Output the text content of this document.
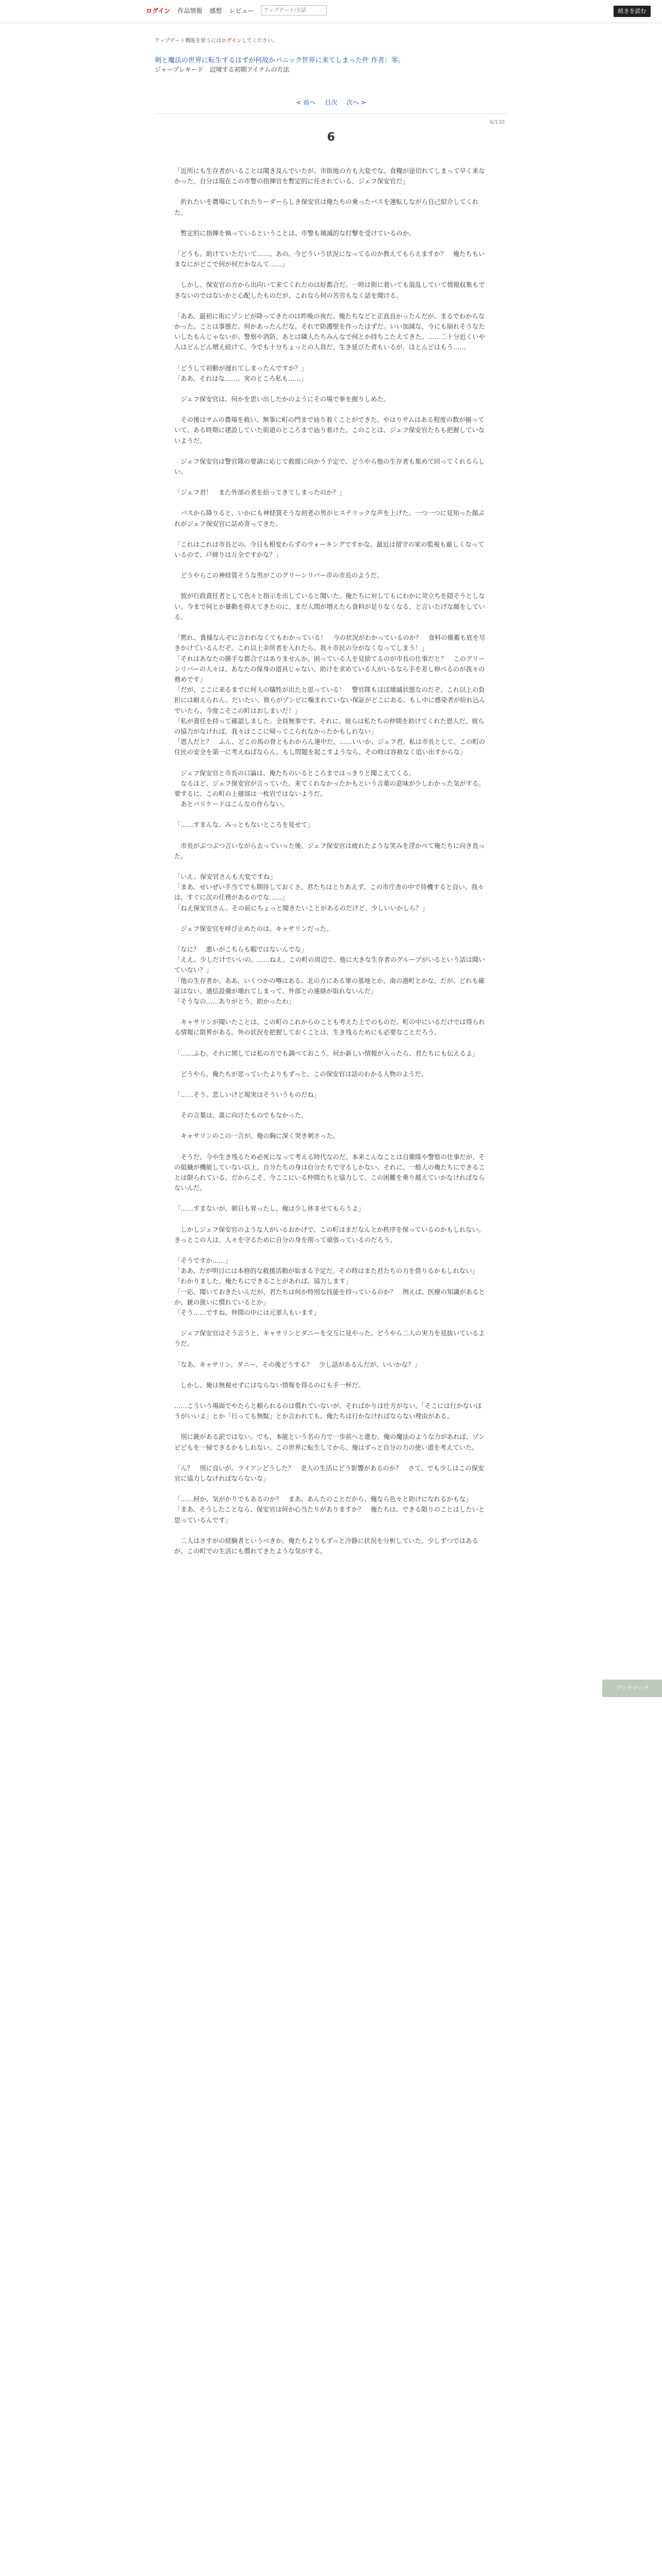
ログイン 作品情報 感想 レビュー
アップデート/全話	続きを読む
アップデート機能を使うにはログインしてください。
剣と魔法の世界に転生するはずが何故かパニック世界に来てしまった件 作者：零。
ジャーブレキード　辺境する初期アイテムの方法
< 前へ 目次 次へ >
6/130
6

「近所にも生存者がいることは聞き及んでいたが、市街地の方も大変でな。食糧が途切れてしまって早く来なかった。自分は現在この市警の指揮官を暫定的に任されている、ジェフ保安官だ」

　折れたいを農場にしてれたりーダーらしき保安官は俺たちの乗ったバスを運転しながら自己紹介してくれた。

　暫定的に指揮を執っているということは、市警も壊滅的な打撃を受けているのか。

「どうも。助けていただいて……。あの、今どういう状況になってるのか教えてもらえますか？　俺たちもいまなにがどこで何が何だかなんて……」

　しかし、保安官の方から出向いて来てくれたのは好都合だ。一時は街に着いても混乱していて情報収集もできないのではないかと心配したものだが、これなら何の苦労もなく話を聞ける。

「ああ、最初に街にゾンビが降ってきたのは昨晩の夜だ。俺たちなどと正直良かったんだが、まるでわからなかった。ことは事態だ。何かあったんだな。それで防護壁を作ったはずだ。いい加減な、今にも崩れそうなたいしたもんじゃないが。警察や消防、あとは隣人たちみんなで何とか持ちこたえてきた。……二十分近くいや人はどんどん増え続けて、今でも十分ちょっとの人員だ。生き延びた者もいるが、ほとんどはもう……

「どうして初動が遅れてしまったんですか？」

「ああ、それはな……。実のところ私も……」

　ジェフ保安官は、何かを思い出したかのようにその場で拳を握りしめた。

　その後はサムの農場を救い、無事に町の門まで辿り着くことができた。やはりサムはある程度の数が揃っていて、ある時期に建設していた街道のところまで辿り着けた。このことは、ジェフ保安官たちも把握していないようだ。

　ジェフ保安官は警官隊の要請に応じて救援に向かう予定で、どうやら他の生存者も集めて回ってくれるらしい。

「ジェフ君！　また外部の者を拾ってきてしまったのか？」

　バスから降りると、いかにも神経質そうな初老の男がヒステリックな声を上げた。一つ一つに見知った顔ぶれがジェフ保安官に詰め寄ってきた。

「これはこれは市長どの。今日も相変わらずのウォーキングですかな。最近は留守の家の監視も厳しくなっているので、戸締りは万全ですかな？」

　どうやらこの神経質そうな男がこのグリーンリバー市の市長のようだ。

　彼が行政責任者として色々と指示を出していると聞いた。俺たちに対してもにわかに苛立ちを隠そうとしない。今まで何とか暴動を抑えてきたのに、まだ人間が増えたら食料が足りなくなる、と言いたげな顔をしている。

「黙れ、貴様なんぞに言われなくてもわかっている！　今の状況がわかっているのか？　食料の備蓄も底を尽きかけているんだぞ。これ以上余所者を入れたら、我々市民の分がなくなってしまう！」

「それはあなたの勝手な都合ではありませんか。困っている人を見捨てるのが市長の仕事だと？　このグリーンリバーの人々は、あなたの保身の道具じゃない。助けを求めている人がいるなら手を差し伸べるのが我々の務めです」

「だが、ここに来るまでに何人の犠牲が出たと思っている！　警官隊もほぼ壊滅状態なのだぞ。これ以上の負担には耐えられん。だいたい、彼らがゾンビに噛まれていない保証がどこにある。もし中に感染者が紛れ込んでいたら、今度こそこの町はおしまいだ！」

「私が責任を持って確認しました。全員無事です。それに、彼らは私たちの仲間を助けてくれた恩人だ。彼らの協力がなければ、我々はここに帰ってこられなかったかもしれない」

「恩人だと？　ふん、どこの馬の骨ともわからん連中だ。……いいか、ジェフ君。私は市長として、この町の住民の安全を第一に考えねばならん。もし問題を起こすようなら、その時は容赦なく追い出すからな」

　ジェフ保安官と市長の口論は、俺たちのいるところまではっきりと聞こえてくる。

　なるほど、ジェフ保安官が言っていた、来てくれなかったかもという言葉の意味が少しわかった気がする。要するに、この町の上層部は一枚岩ではないようだ。

　あとバリケードはこんなの作らない。

「……すまんな、みっともないところを見せて」

　市長がぶつぶつ言いながら去っていった後、ジェフ保安官は疲れたような笑みを浮かべて俺たちに向き直った。

「いえ、保安官さんも大変ですね」

「まあ、せいぜい手当てでも期待しておくさ。君たちはとりあえず、この市庁舎の中で待機すると良い。我々は、すぐに次の任務があるのでな……」

「ねえ保安官さん。その前にちょっと聞きたいことがあるのだけど、少しいいかしら？」

　ジェフ保安官を呼び止めたのは、キャサリンだった。

「なに？　悪いがこちらも暇ではないんでな」

「ええ、少しだけでいいの。……ねえ、この町の周辺で、他に大きな生存者のグループがいるという話は聞いていない？」

「他の生存者か。ああ、いくつかの噂はある。北の方にある軍の基地とか、南の港町とかな。だが、どれも確証はない。通信設備が壊れてしまって、外部との連絡が取れないんだ」

「そうなの……ありがとう、助かったわ」

　キャサリンが聞いたことは、この町のこれからのことも考えた上でのものだ。町の中にいるだけでは得られる情報に限界がある。外の状況を把握しておくことは、生き残るためにも必要なことだろう。

「……ふむ。それに関しては私の方でも調べておこう。何か新しい情報が入ったら、君たちにも伝えるよ」

　どうやら、俺たちが思っていたよりもずっと、この保安官は話のわかる人物のようだ。

「……そう。悲しいけど現実はそういうものだね」

　その言葉は、誰に向けたものでもなかった。

　キャサリンのこの一言が、俺の胸に深く突き刺さった。

　そうだ、今や生き残るため必死になって考える時代なのだ。本来こんなことは自衛隊や警察の仕事だが、その組織が機能していない以上、自分たちの身は自分たちで守るしかない。それに、一般人の俺たちにできることは限られている。だからこそ、今ここにいる仲間たちと協力して、この困難を乗り越えていかなければならないんだ。

「……すまないが、朝日も昇ったし、俺は少し休ませてもらうよ」

　しかしジェフ保安官のような人がいるおかげで、この町はまだなんとか秩序を保っているのかもしれない。きっとこの人は、人々を守るために自分の身を削って頑張っているのだろう。

「そうですか……」

「ああ、だが明日には本格的な救援活動が始まる予定だ。その時はまた君たちの力を借りるかもしれない」

「わかりました。俺たちにできることがあれば、協力します」

「一応、聞いておきたいんだが、君たちは何か特別な技能を持っているのか？　例えば、医療の知識があるとか、銃の扱いに慣れているとか」

「そう……ですね、仲間の中には元軍人もいます」

　ジェフ保安官はそう言うと、キャサリンとダニーを交互に見やった。どうやら二人の実力を見抜いているようだ。

「なあ、キャサリン。ダニー。その後どうする？　少し話があるんだが、いいかな？」

　しかし、俺は無視せずにはならない情報を得るのにも手一杯だ。

……こういう場面でやたらと頼られるのは慣れていないが、そればかりは仕方がない。「そこには行かないほうがいいよ」とか「行っても無駄」とか言われても、俺たちは行かなければならない理由がある。

　別に銃がある訳ではない。でも、本能という名の力で一歩前へと進む。俺の魔法のような力があれば、ゾンビどもを一掃できるかもしれない。この世界に転生してから、俺はずっと自分の力の使い道を考えていた。

「ん？　別に良いが。ライアンどうした？　老人の生活にどう影響があるのか？　さて、でも少しはこの保安官に協力しなければならないな」

「……何か、気がかりでもあるのか？　まあ、あんたのことだから、俺なら色々と助けになれるかもな」

「まあ、そうしたことなら、保安官は何か心当たりがありますか？　俺たちは、できる限りのことはしたいと思っているんです」

　二人はさすがの経験者というべきか、俺たちよりもずっと冷静に状況を分析していた。少しずつではあるが、この町での生活にも慣れてきたような気がする。

ブックマーク
